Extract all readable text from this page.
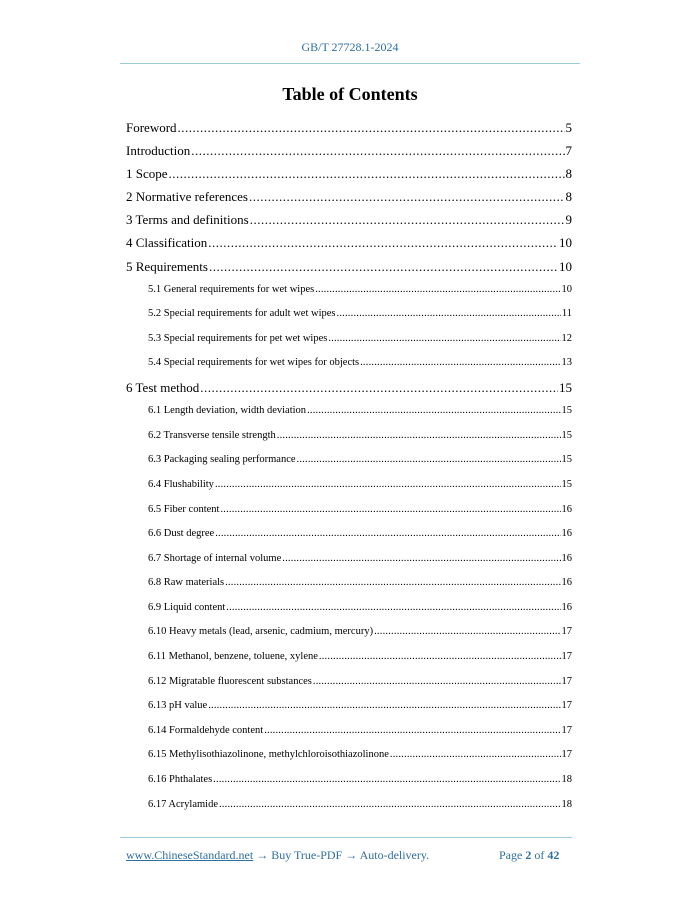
GB/T 27728.1-2024
Table of Contents
Foreword .....	5
Introduction .....	7
1 Scope .....	8
2 Normative references .....	8
3 Terms and definitions .....	9
4 Classification .....	10
5 Requirements .....	10
5.1 General requirements for wet wipes .....	10
5.2 Special requirements for adult wet wipes .....	11
5.3 Special requirements for pet wet wipes .....	12
5.4 Special requirements for wet wipes for objects .....	13
6 Test method .....	15
6.1 Length deviation, width deviation .....	15
6.2 Transverse tensile strength .....	15
6.3 Packaging sealing performance .....	15
6.4 Flushability .....	15
6.5 Fiber content .....	16
6.6 Dust degree .....	16
6.7 Shortage of internal volume .....	16
6.8 Raw materials .....	16
6.9 Liquid content .....	16
6.10 Heavy metals (lead, arsenic, cadmium, mercury) .....	17
6.11 Methanol, benzene, toluene, xylene .....	17
6.12 Migratable fluorescent substances .....	17
6.13 pH value .....	17
6.14 Formaldehyde content .....	17
6.15 Methylisothiazolinone, methylchloroisothiazolinone .....	17
6.16 Phthalates .....	18
6.17 Acrylamide .....	18
www.ChineseStandard.net → Buy True-PDF → Auto-delivery.	Page 2 of 42
